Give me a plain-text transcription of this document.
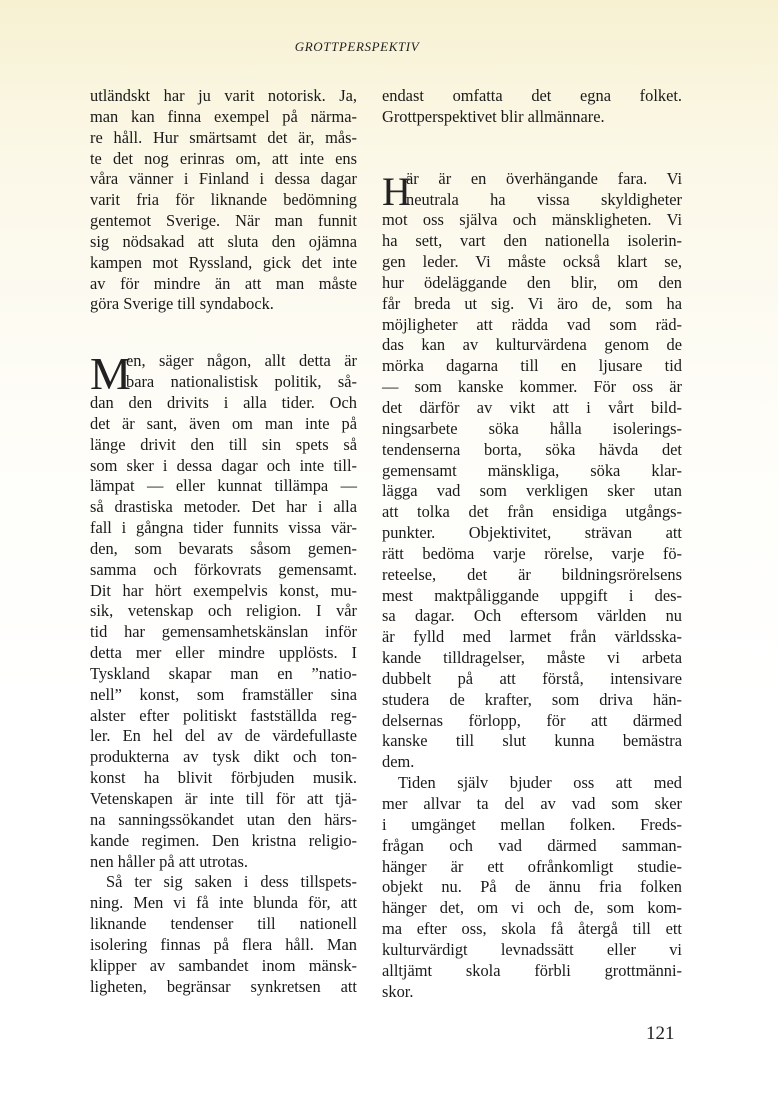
GROTTPERSPEKTIV
utländskt har ju varit notorisk. Ja,
man kan finna exempel på närma-
re håll. Hur smärtsamt det är, mås-
te det nog erinras om, att inte ens
våra vänner i Finland i dessa dagar
varit fria för liknande bedömning
gentemot Sverige. När man funnit
sig nödsakad att sluta den ojämna
kampen mot Ryssland, gick det inte
av för mindre än att man måste
göra Sverige till syndabock.
M
en, säger någon, allt detta är
bara nationalistisk politik, så-
dan den drivits i alla tider. Och
det är sant, även om man inte på
länge drivit den till sin spets så
som sker i dessa dagar och inte till-
lämpat — eller kunnat tillämpa —
så drastiska metoder. Det har i alla
fall i gångna tider funnits vissa vär-
den, som bevarats såsom gemen-
samma och förkovrats gemensamt.
Dit har hört exempelvis konst, mu-
sik, vetenskap och religion. I vår
tid har gemensamhetskänslan inför
detta mer eller mindre upplösts. I
Tyskland skapar man en ”natio-
nell” konst, som framställer sina
alster efter politiskt fastställda reg-
ler. En hel del av de värdefullaste
produkterna av tysk dikt och ton-
konst ha blivit förbjuden musik.
Vetenskapen är inte till för att tjä-
na sanningssökandet utan den härs-
kande regimen. Den kristna religio-
nen håller på att utrotas.
Så ter sig saken i dess tillspets-
ning. Men vi få inte blunda för, att
liknande tendenser till nationell
isolering finnas på flera håll. Man
klipper av sambandet inom mänsk-
ligheten, begränsar synkretsen att
endast omfatta det egna folket.
Grottperspektivet blir allmännare.
H
är är en överhängande fara. Vi
neutrala ha vissa skyldigheter
mot oss själva och mänskligheten. Vi
ha sett, vart den nationella isolerin-
gen leder. Vi måste också klart se,
hur ödeläggande den blir, om den
får breda ut sig. Vi äro de, som ha
möjligheter att rädda vad som räd-
das kan av kulturvärdena genom de
mörka dagarna till en ljusare tid
— som kanske kommer. För oss är
det därför av vikt att i vårt bild-
ningsarbete söka hålla isolerings-
tendenserna borta, söka hävda det
gemensamt mänskliga, söka klar-
lägga vad som verkligen sker utan
att tolka det från ensidiga utgångs-
punkter. Objektivitet, strävan att
rätt bedöma varje rörelse, varje fö-
reteelse, det är bildningsrörelsens
mest maktpåliggande uppgift i des-
sa dagar. Och eftersom världen nu
är fylld med larmet från världsska-
kande tilldragelser, måste vi arbeta
dubbelt på att förstå, intensivare
studera de krafter, som driva hän-
delsernas förlopp, för att därmed
kanske till slut kunna bemästra
dem.
Tiden själv bjuder oss att med
mer allvar ta del av vad som sker
i umgänget mellan folken. Freds-
frågan och vad därmed samman-
hänger är ett ofrånkomligt studie-
objekt nu. På de ännu fria folken
hänger det, om vi och de, som kom-
ma efter oss, skola få återgå till ett
kulturvärdigt levnadssätt eller vi
alltjämt skola förbli grottmänni-
skor.
121
